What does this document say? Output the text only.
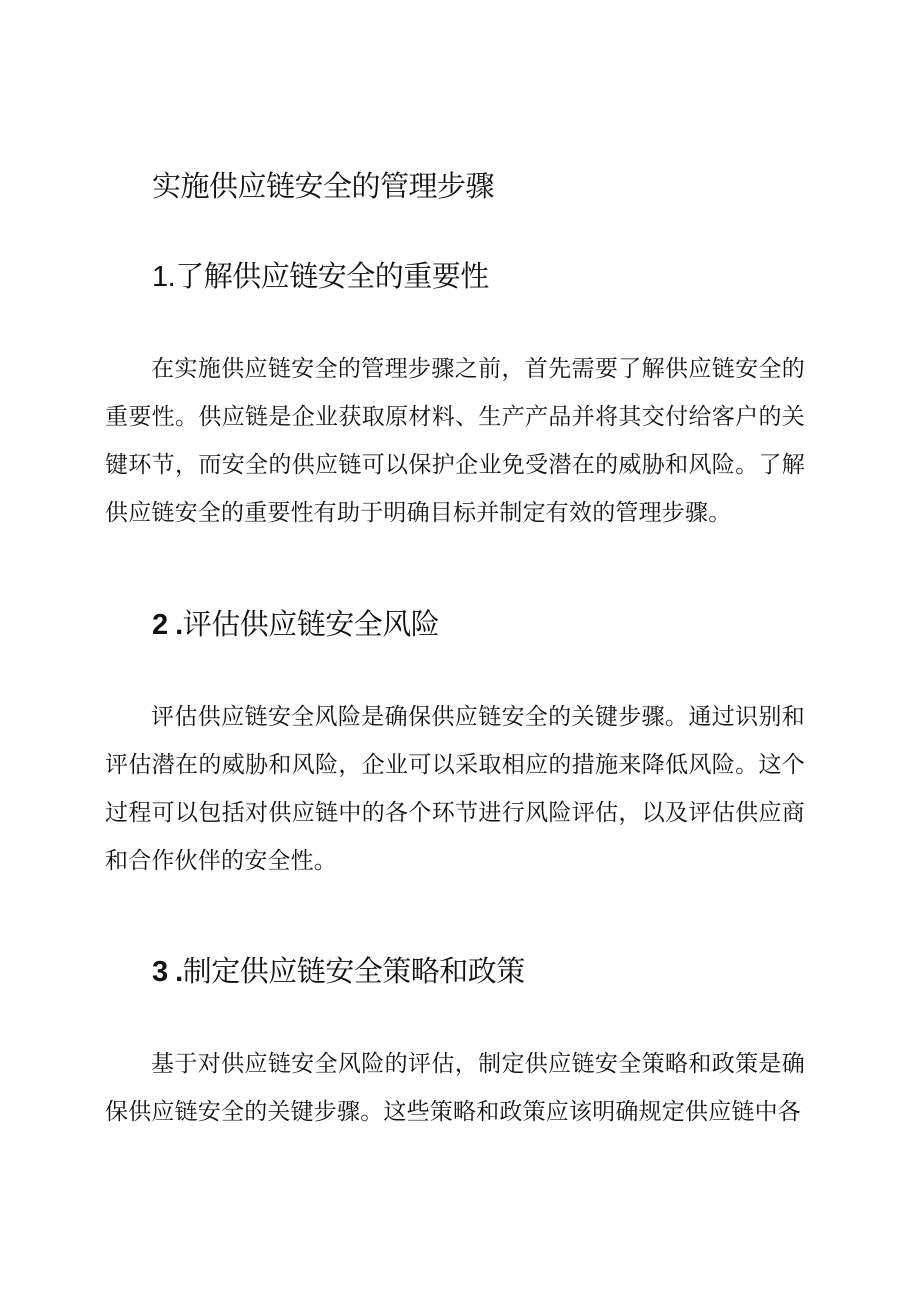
实施供应链安全的管理步骤
1.了解供应链安全的重要性

在实施供应链安全的管理步骤之前，首先需要了解供应链安全的重要性。供应链是企业获取原材料、生产产品并将其交付给客户的关键环节，而安全的供应链可以保护企业免受潜在的威胁和风险。了解供应链安全的重要性有助于明确目标并制定有效的管理步骤。

2 .评估供应链安全风险

评估供应链安全风险是确保供应链安全的关键步骤。通过识别和评估潜在的威胁和风险，企业可以采取相应的措施来降低风险。这个过程可以包括对供应链中的各个环节进行风险评估，以及评估供应商和合作伙伴的安全性。

3 .制定供应链安全策略和政策

基于对供应链安全风险的评估，制定供应链安全策略和政策是确保供应链安全的关键步骤。这些策略和政策应该明确规定供应链中各
